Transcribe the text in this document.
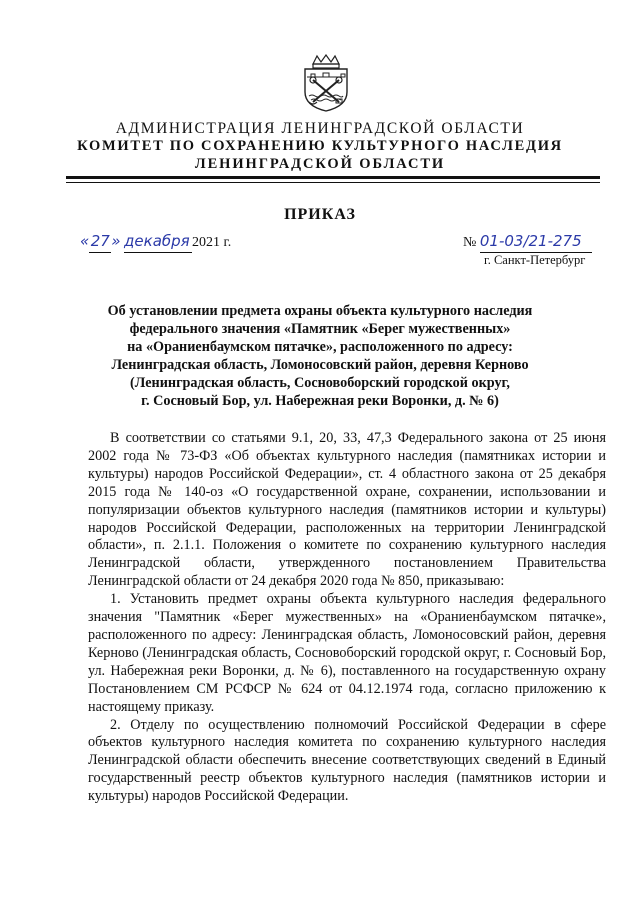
АДМИНИСТРАЦИЯ ЛЕНИНГРАДСКОЙ ОБЛАСТИ
КОМИТЕТ ПО СОХРАНЕНИЮ КУЛЬТУРНОГО НАСЛЕДИЯ
ЛЕНИНГРАДСКОЙ ОБЛАСТИ
ПРИКАЗ
«27» декабря 2021 г.	№ 01-03/21-275
г. Санкт-Петербург
Об установлении предмета охраны объекта культурного наследия
федерального значения «Памятник «Берег мужественных»
на «Ораниенбаумском пятачке», расположенного по адресу:
Ленинградская область, Ломоносовский район, деревня Керново
(Ленинградская область, Сосновоборский городской округ,
г. Сосновый Бор, ул. Набережная реки Воронки, д. № 6)

В соответствии со статьями 9.1, 20, 33, 47,3 Федерального закона от 25 июня 2002 года № 73-ФЗ «Об объектах культурного наследия (памятниках истории и культуры) народов Российской Федерации», ст. 4 областного закона от 25 декабря 2015 года № 140-оз «О государственной охране, сохранении, использовании и популяризации объектов культурного наследия (памятников истории и культуры) народов Российской Федерации, расположенных на территории Ленинградской области», п. 2.1.1. Положения о комитете по сохранению культурного наследия Ленинградской области, утвержденного постановлением Правительства Ленинградской области от 24 декабря 2020 года № 850, приказываю:

1. Установить предмет охраны объекта культурного наследия федерального значения "Памятник «Берег мужественных» на «Ораниенбаумском пятачке», расположенного по адресу: Ленинградская область, Ломоносовский район, деревня Керново (Ленинградская область, Сосновоборский городской округ, г. Сосновый Бор, ул. Набережная реки Воронки, д. № 6), поставленного на государственную охрану Постановлением СМ РСФСР № 624 от 04.12.1974 года, согласно приложению к настоящему приказу.

2. Отделу по осуществлению полномочий Российской Федерации в сфере объектов культурного наследия комитета по сохранению культурного наследия Ленинградской области обеспечить внесение соответствующих сведений в Единый государственный реестр объектов культурного наследия (памятников истории и культуры) народов Российской Федерации.
